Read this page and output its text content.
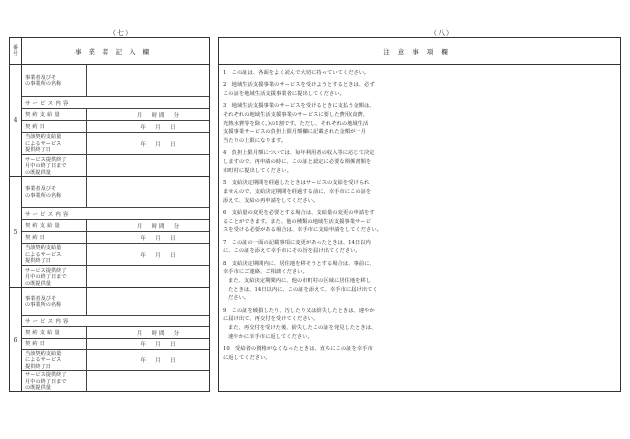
（七）	（八）
番
号	事業者記入欄
4
事業者及びそ
の事業所の名称
サービス内容
契約支給量	月　時間　分
契約日	年　月　日
当該契約支給量
によるサービス
提供終了日
年　月　日
サービス提供終了
月中の終了日まで
の既提供量
5
事業者及びそ
の事業所の名称
サービス内容
契約支給量	月　時間　分
契約日	年　月　日
当該契約支給量
によるサービス
提供終了日
年　月　日
サービス提供終了
月中の終了日まで
の既提供量
6
事業者及びそ
の事業所の名称
サービス内容
契約支給量	月　時間　分
契約日	年　月　日
当該契約支給量
によるサービス
提供終了日
年　月　日
サービス提供終了
月中の終了日まで
の既提供量
注意事項欄

1　この証は、各面をよく読んで大切に持っていてください。

2　地域生活支援事業のサービスを受けようとするときは、必ず

この証を地域生活支援事業者に提出してください。

3　地域生活支援事業のサービスを受けるときに支払う金額は、

それぞれの地域生活支援事業のサービスに要した費用(食費、

光熱水費等を除く。)の1割です。ただし、それぞれの地域生活

支援事業サービスの負担上限月額欄に記載された金額が一月

当たりの上限になります。

4　負担上限月額については、毎年利用者の収入等に応じて決定

しますので、再申請の時に、この証と認定に必要な関係書類を

市町村に提出してください。

5　支給決定期間を経過したときはサービスの支給を受けられ

ませんので、支給決定期間を経過する前に、幸手市にこの証を

添えて、支給の再申請をしてください。

6　支給量の変更を必要とする場合は、支給量の変更の申請をす

ることができます。また、他の種類の地域生活支援事業サービ

スを受ける必要がある場合は、幸手市に支給申請をしてください。

7　この証の一面の記載事項に変更があったときは、14日以内

に、この証を添えて幸手市にその旨を届け出てください。

8　支給決定期間内に、居住地を移そうとする場合は、事前に、

幸手市にご連絡、ご相談ください。

また、支給決定期間内に、他の市町村の区域に居住地を移し

たときは、14日以内に、この証を添えて、幸手市に届け出てく

ださい。

9　この証を破損したり、汚したり又は紛失したときは、速やか

に届け出て、再交付を受けてください。

また、再交付を受けた後、紛失したこの証を発見したときは、

速やかに幸手市に返してください。

10　受給者の資格がなくなったときは、直ちにこの証を幸手市

に返してください。
